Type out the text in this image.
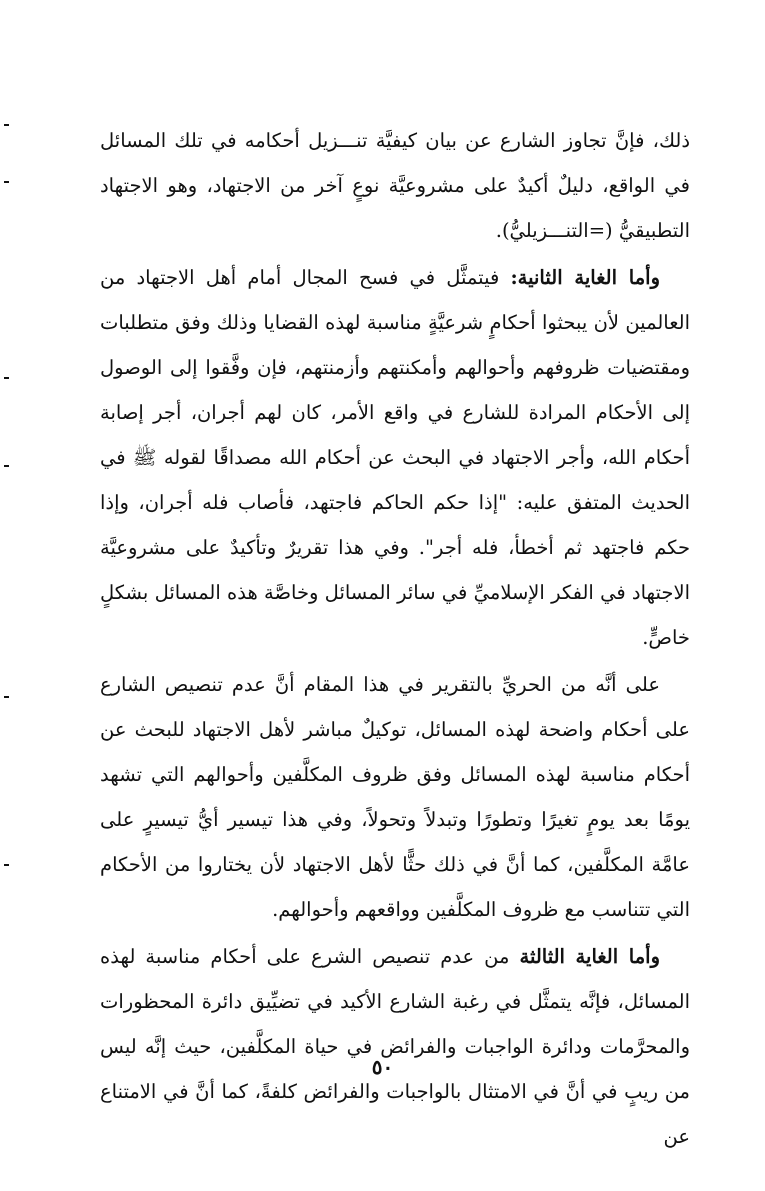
ذلك، فإنَّ تجاوز الشارع عن بيان كيفيَّة تنـــزيل أحكامه في تلك المسائل في الواقع، دليلٌ أكيدٌ على مشروعيَّة نوعٍ آخر من الاجتهاد، وهو الاجتهاد التطبيقيُّ (=التنـــزيليُّ).

وأما الغاية الثانية: فيتمثَّل في فسح المجال أمام أهل الاجتهاد من العالمين لأن يبحثوا أحكامٍ شرعيَّةٍ مناسبة لهذه القضايا وذلك وفق متطلبات ومقتضيات ظروفهم وأحوالهم وأمكنتهم وأزمنتهم، فإن وفَّقوا إلى الوصول إلى الأحكام المرادة للشارع في واقع الأمر، كان لهم أجران، أجر إصابة أحكام الله، وأجر الاجتهاد في البحث عن أحكام الله مصداقًا لقوله ﷺ في الحديث المتفق عليه: "إذا حكم الحاكم فاجتهد، فأصاب فله أجران، وإذا حكم فاجتهد ثم أخطأ، فله أجر". وفي هذا تقريرٌ وتأكيدٌ على مشروعيَّة الاجتهاد في الفكر الإسلاميِّ في سائر المسائل وخاصَّة هذه المسائل بشكلٍ خاصٍّ.

على أنَّه من الحريِّ بالتقرير في هذا المقام أنَّ عدم تنصيص الشارع على أحكام واضحة لهذه المسائل، توكيلٌ مباشر لأهل الاجتهاد للبحث عن أحكام مناسبة لهذه المسائل وفق ظروف المكلَّفين وأحوالهم التي تشهد يومًا بعد يومٍ تغيرًا وتطورًا وتبدلاً وتحولاً، وفي هذا تيسير أيُّ تيسيرٍ على عامَّة المكلَّفين، كما أنَّ في ذلك حثًّا لأهل الاجتهاد لأن يختاروا من الأحكام التي تتناسب مع ظروف المكلَّفين وواقعهم وأحوالهم.

وأما الغاية الثالثة من عدم تنصيص الشرع على أحكام مناسبة لهذه المسائل، فإنَّه يتمثَّل في رغبة الشارع الأكيد في تضيِّيق دائرة المحظورات والمحرَّمات ودائرة الواجبات والفرائض في حياة المكلَّفين، حيث إنَّه ليس من ريبٍ في أنَّ في الامتثال بالواجبات والفرائض كلفةً، كما أنَّ في الامتناع عن

٥٠
